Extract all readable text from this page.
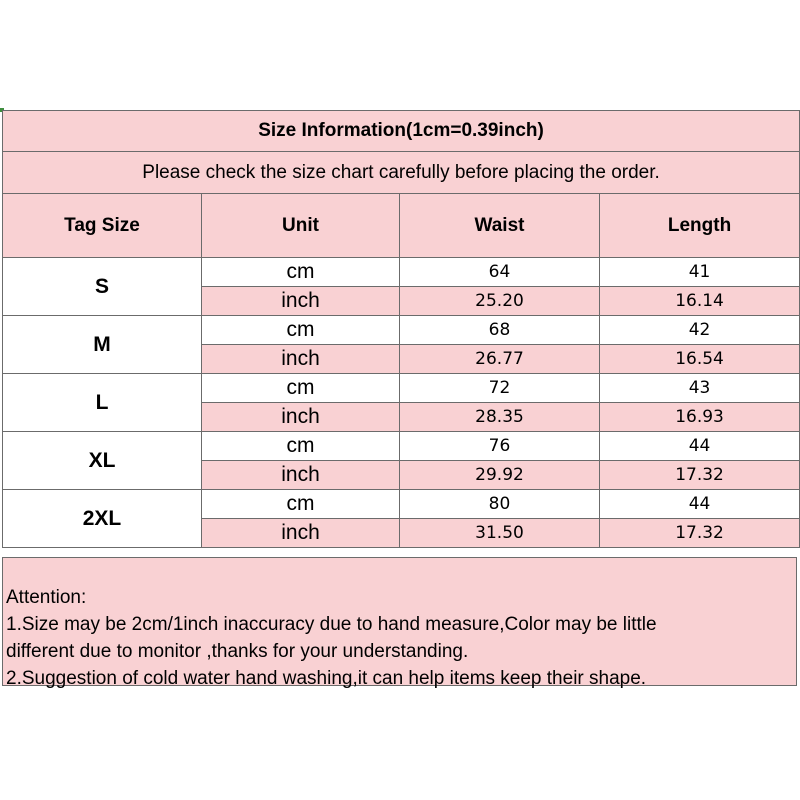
Size Information(1cm=0.39inch)			
Please check the size chart carefully before placing the order.			
Tag Size	Unit	Waist	Length
S	cm	64	41
	inch	25.20	16.14
M	cm	68	42
	inch	26.77	16.54
L	cm	72	43
	inch	28.35	16.93
XL	cm	76	44
	inch	29.92	17.32
2XL	cm	80	44
	inch	31.50	17.32
Attention:
1.Size may be 2cm/1inch inaccuracy due to hand measure,Color may be little
different due to monitor ,thanks for your understanding.
2.Suggestion of cold water hand washing,it can help items keep their shape.
